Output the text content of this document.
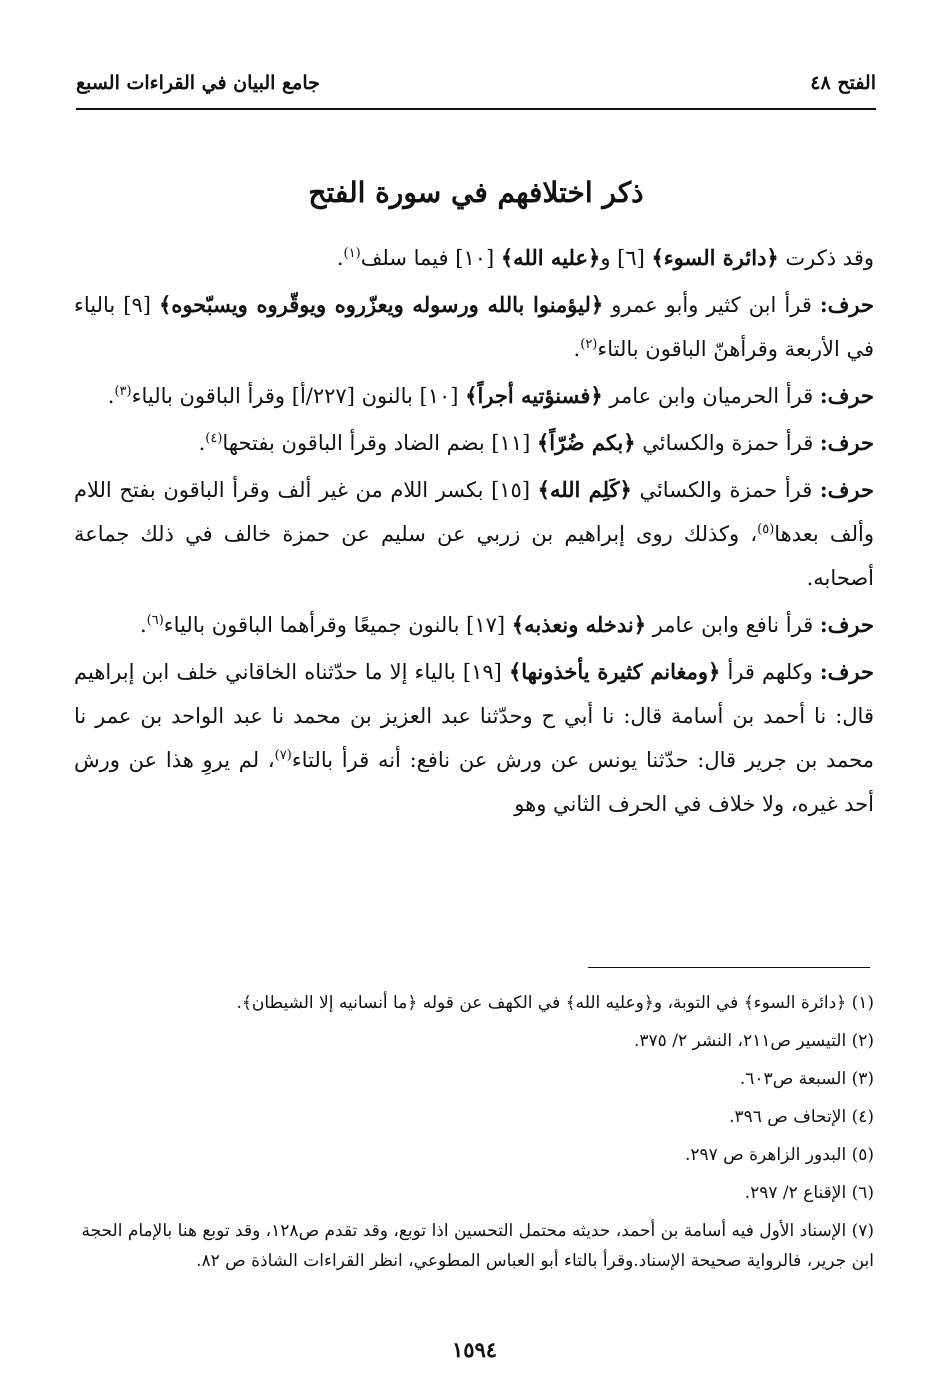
الفتح ٤٨
جامع البيان في القراءات السبع
ذكر اختلافهم في سورة الفتح

وقد ذكرت ﴿دائرة السوء﴾ [٦] و﴿عليه الله﴾ [١٠] فيما سلف$^{(١)}$.

حرف: قرأ ابن كثير وأبو عمرو ﴿ليؤمنوا بالله ورسوله ويعزّروه ويوقّروه ويسبّحوه﴾ [٩] بالياء في الأربعة وقرأهنّ الباقون بالتاء$^{(٢)}$.

حرف: قرأ الحرميان وابن عامر ﴿فسنؤتيه أجراً﴾ [١٠] بالنون [٢٢٧/أ] وقرأ الباقون بالياء$^{(٣)}$.

حرف: قرأ حمزة والكسائي ﴿بكم ضُرّاً﴾ [١١] بضم الضاد وقرأ الباقون بفتحها$^{(٤)}$.

حرف: قرأ حمزة والكسائي ﴿كَلِم الله﴾ [١٥] بكسر اللام من غير ألف وقرأ الباقون بفتح اللام وألف بعدها$^{(٥)}$، وكذلك روى إبراهيم بن زربي عن سليم عن حمزة خالف في ذلك جماعة أصحابه.

حرف: قرأ نافع وابن عامر ﴿ندخله ونعذبه﴾ [١٧] بالنون جميعًا وقرأهما الباقون بالياء$^{(٦)}$.

حرف: وكلهم قرأ ﴿ومغانم كثيرة يأخذونها﴾ [١٩] بالياء إلا ما حدّثناه الخاقاني خلف ابن إبراهيم قال: نا أحمد بن أسامة قال: نا أبي ح وحدّثنا عبد العزيز بن محمد نا عبد الواحد بن عمر نا محمد بن جرير قال: حدّثنا يونس عن ورش عن نافع: أنه قرأ بالتاء$^{(٧)}$، لم يروِ هذا عن ورش أحد غيره، ولا خلاف في الحرف الثاني وهو

(١) ﴿دائرة السوء﴾ في التوبة، و﴿وعليه الله﴾ في الكهف عن قوله ﴿ما أنسانيه إلا الشيطان﴾.

(٢) التيسير ص٢١١، النشر ٢/ ٣٧٥.

(٣) السبعة ص٦٠٣.

(٤) الإتحاف ص ٣٩٦.

(٥) البدور الزاهرة ص ٢٩٧.

(٦) الإقناع ٢/ ٢٩٧.

(٧) الإسناد الأول فيه أسامة بن أحمد، حديثه محتمل التحسين اذا توبع، وقد تقدم ص١٢٨، وقد توبع هنا بالإمام الحجة ابن جرير، فالرواية صحيحة الإسناد.وقرأ بالتاء أبو العباس المطوعي، انظر القراءات الشاذة ص ٨٢.

١٥٩٤
